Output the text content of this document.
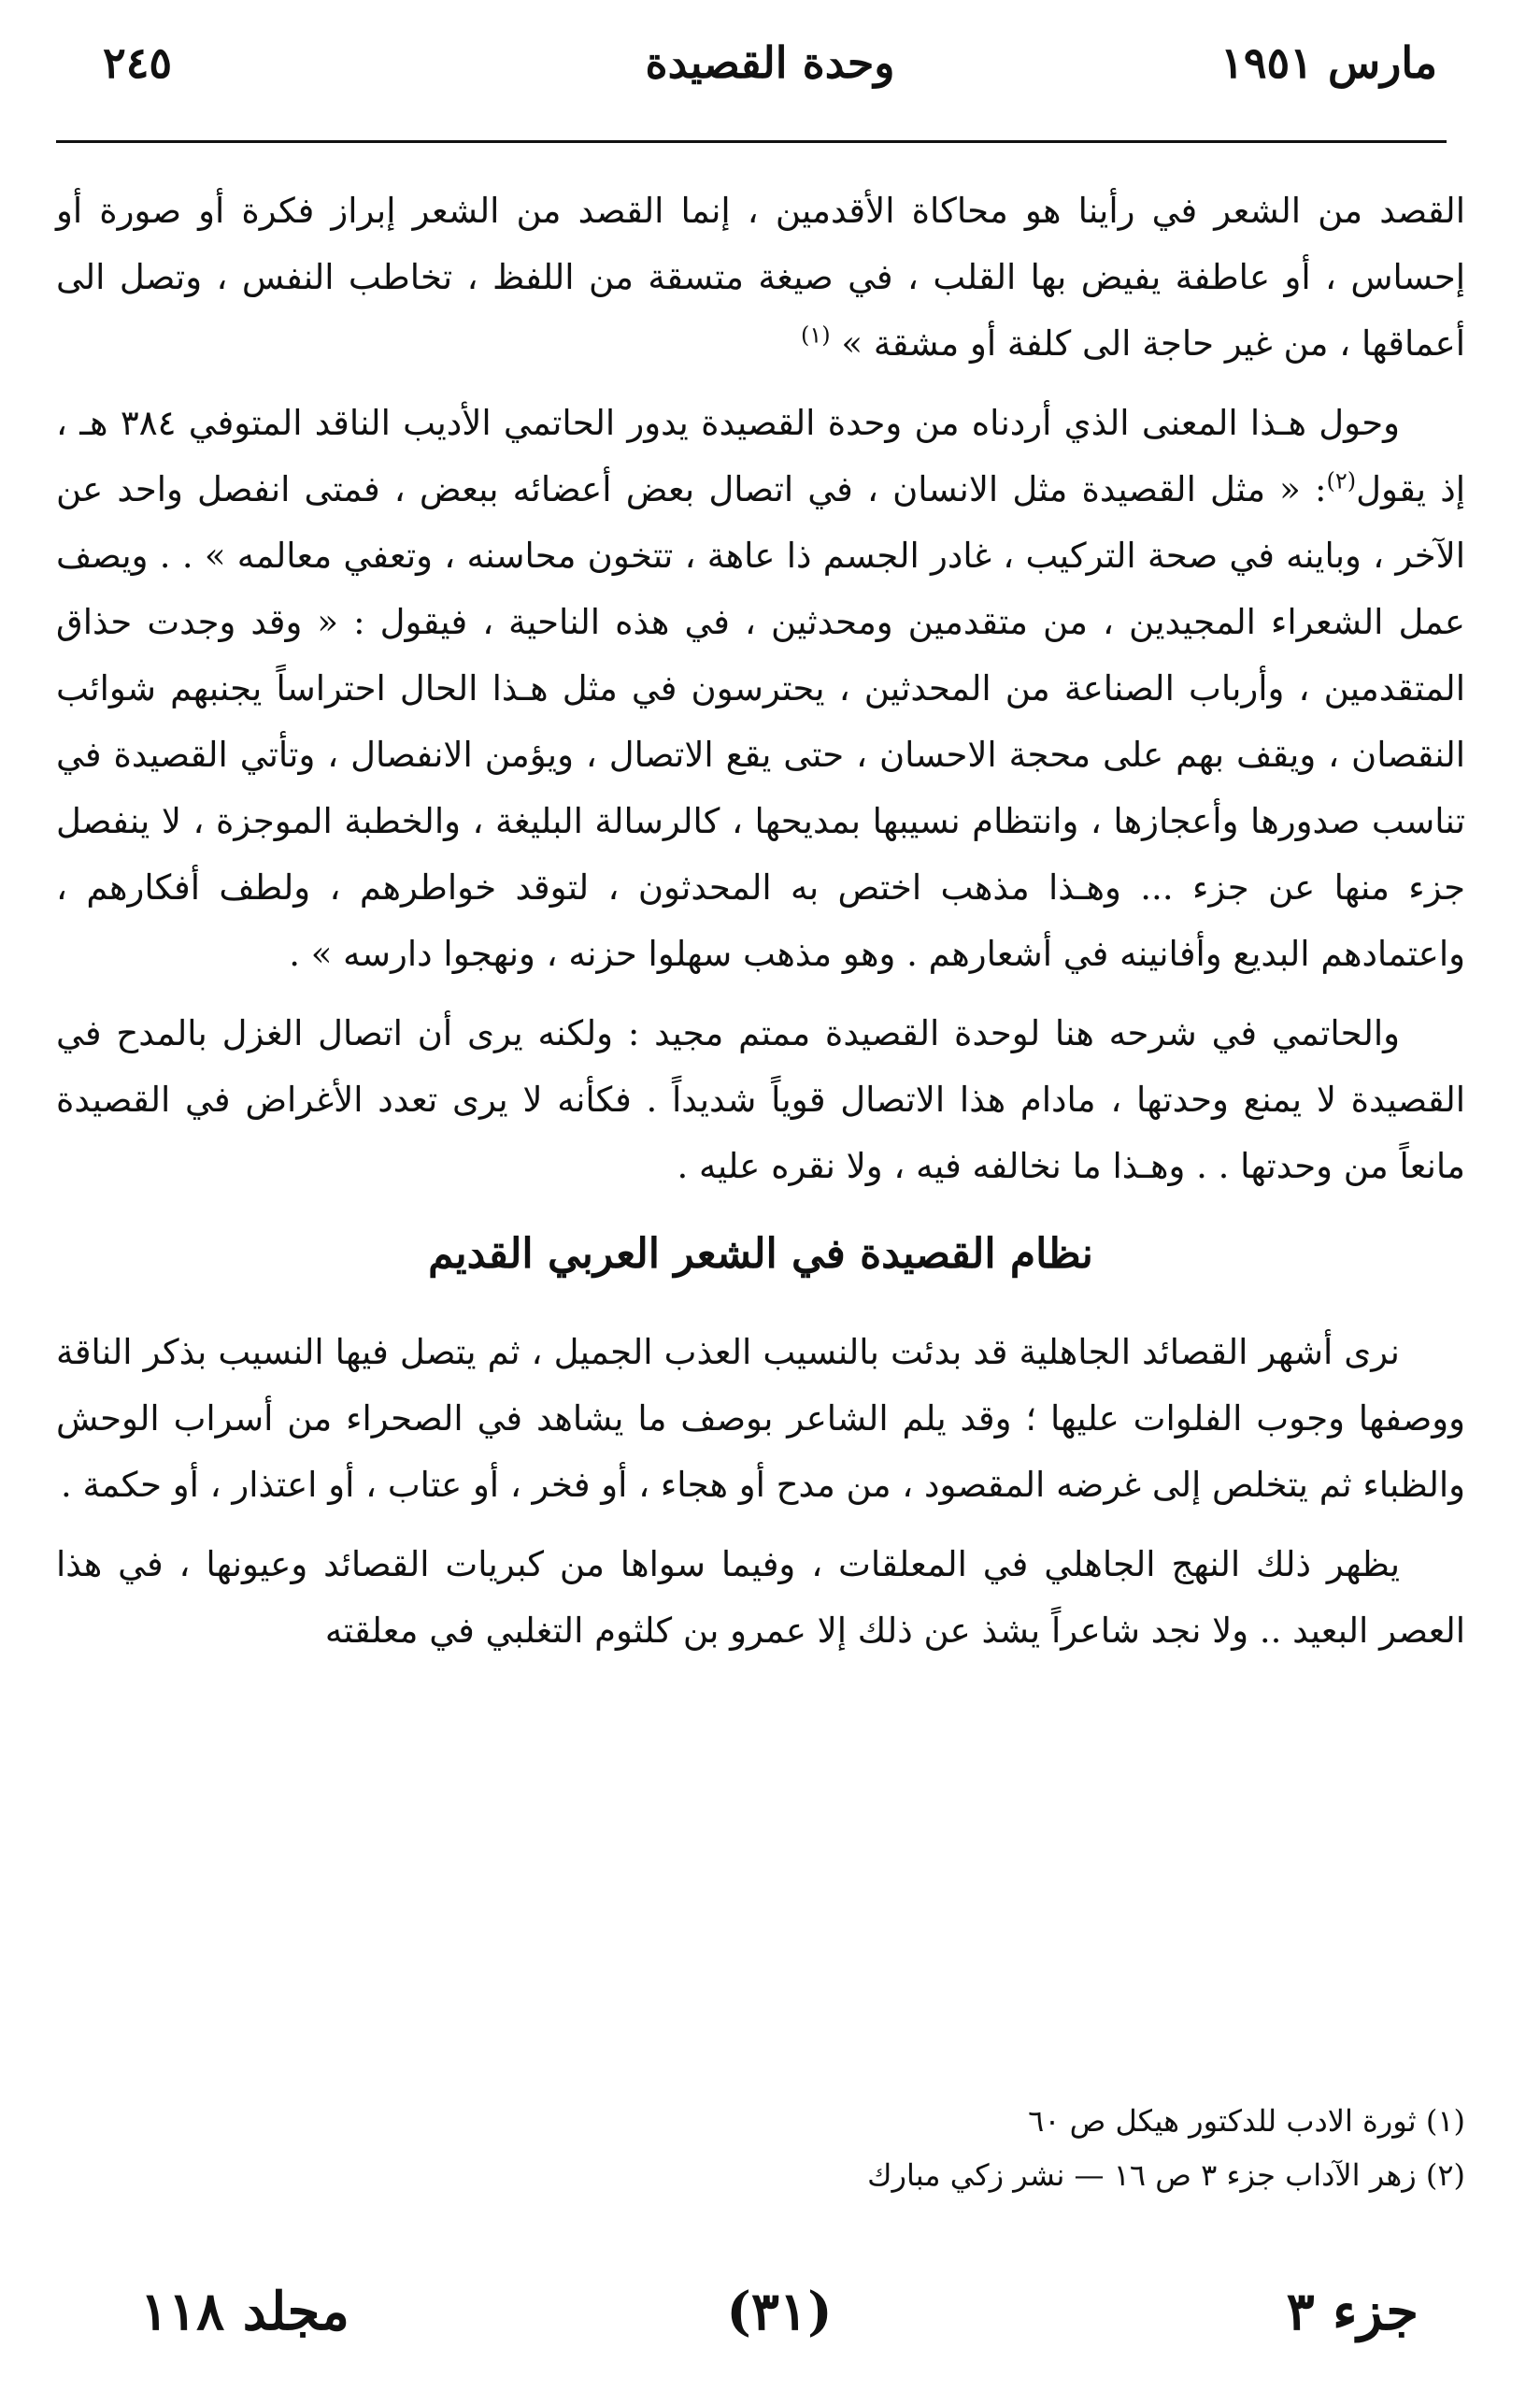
٢٤٥	وحدة القصيدة	مارس ١٩٥١

القصد من الشعر في رأينا هو محاكاة الأقدمين ، إنما القصد من الشعر إبراز فكرة أو صورة أو إحساس ، أو عاطفة يفيض بها القلب ، في صيغة متسقة من اللفظ ، تخاطب النفس ، وتصل الى أعماقها ، من غير حاجة الى كلفة أو مشقة » $^{(١)}$

وحول هـذا المعنى الذي أردناه من وحدة القصيدة يدور الحاتمي الأديب الناقد المتوفي ٣٨٤ هـ ، إذ يقول$^{(٢)}$: « مثل القصيدة مثل الانسان ، في اتصال بعض أعضائه ببعض ، فمتى انفصل واحد عن الآخر ، وباينه في صحة التركيب ، غادر الجسم ذا عاهة ، تتخون محاسنه ، وتعفي معالمه » . . ويصف عمل الشعراء المجيدين ، من متقدمين ومحدثين ، في هذه الناحية ، فيقول : « وقد وجدت حذاق المتقدمين ، وأرباب الصناعة من المحدثين ، يحترسون في مثل هـذا الحال احتراساً يجنبهم شوائب النقصان ، ويقف بهم على محجة الاحسان ، حتى يقع الاتصال ، ويؤمن الانفصال ، وتأتي القصيدة في تناسب صدورها وأعجازها ، وانتظام نسيبها بمديحها ، كالرسالة البليغة ، والخطبة الموجزة ، لا ينفصل جزء منها عن جزء ... وهـذا مذهب اختص به المحدثون ، لتوقد خواطرهم ، ولطف أفكارهم ، واعتمادهم البديع وأفانينه في أشعارهم . وهو مذهب سهلوا حزنه ، ونهجوا دارسه » .

والحاتمي في شرحه هنا لوحدة القصيدة ممتم مجيد : ولكنه يرى أن اتصال الغزل بالمدح في القصيدة لا يمنع وحدتها ، مادام هذا الاتصال قوياً شديداً . فكأنه لا يرى تعدد الأغراض في القصيدة مانعاً من وحدتها . . وهـذا ما نخالفه فيه ، ولا نقره عليه .

نظام القصيدة في الشعر العربي القديم

نرى أشهر القصائد الجاهلية قد بدئت بالنسيب العذب الجميل ، ثم يتصل فيها النسيب بذكر الناقة ووصفها وجوب الفلوات عليها ؛ وقد يلم الشاعر بوصف ما يشاهد في الصحراء من أسراب الوحش والظباء ثم يتخلص إلى غرضه المقصود ، من مدح أو هجاء ، أو فخر ، أو عتاب ، أو اعتذار ، أو حكمة .

يظهر ذلك النهج الجاهلي في المعلقات ، وفيما سواها من كبريات القصائد وعيونها ، في هذا العصر البعيد .. ولا نجد شاعراً يشذ عن ذلك إلا عمرو بن كلثوم التغلبي في معلقته

(١) ثورة الادب للدكتور هيكل ص ٦٠
(٢) زهر الآداب جزء ٣ ص ١٦ — نشر زكي مبارك
مجلد ١١٨	(٣١)	جزء ٣
